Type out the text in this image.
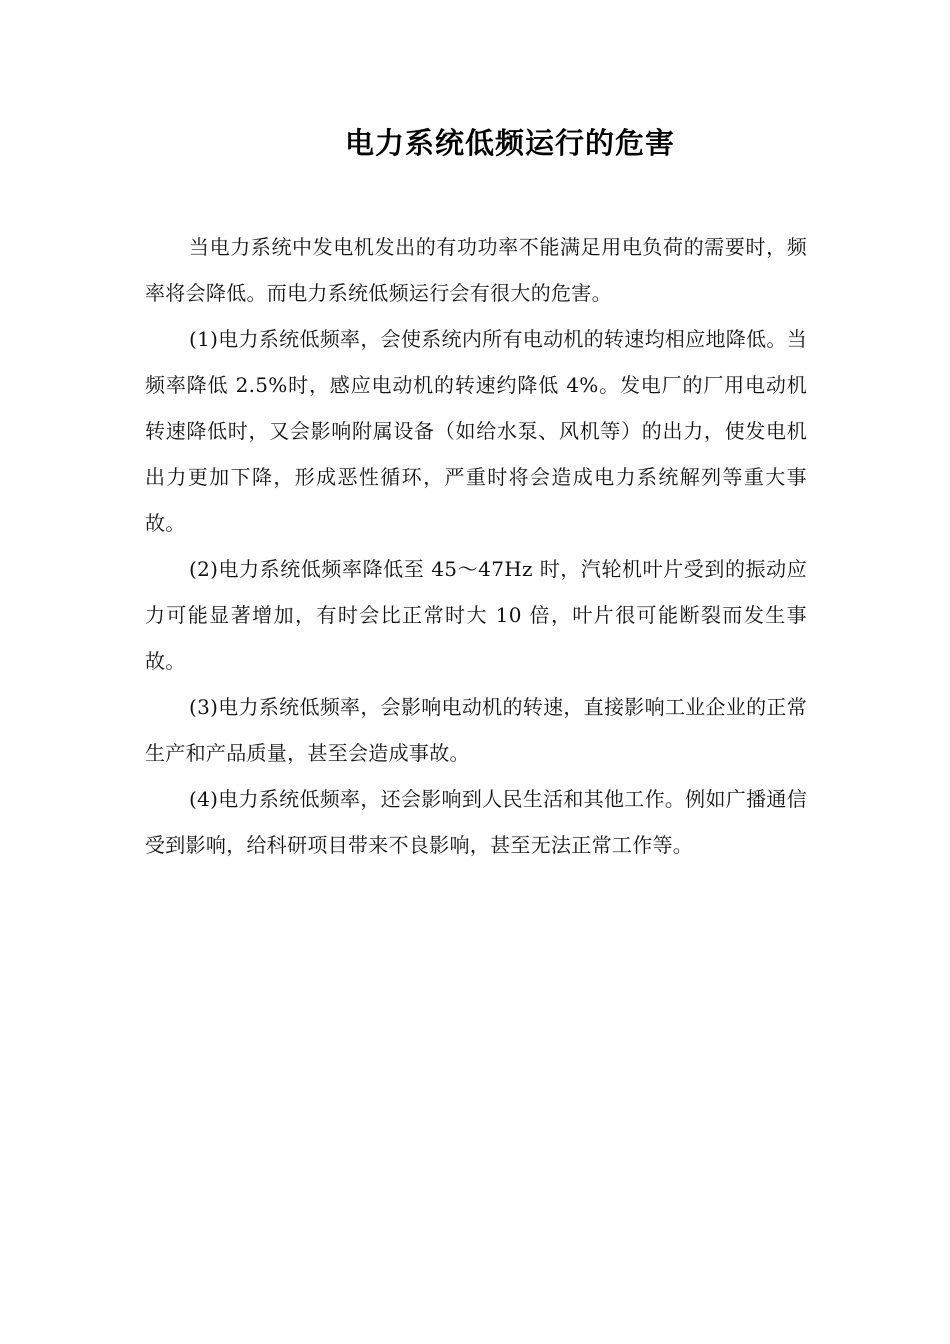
电力系统低频运行的危害

当电力系统中发电机发出的有功功率不能满足用电负荷的需要时，频率将会降低。而电力系统低频运行会有很大的危害。

(1)电力系统低频率，会使系统内所有电动机的转速均相应地降低。当频率降低 2.5%时，感应电动机的转速约降低 4%。发电厂的厂用电动机转速降低时，又会影响附属设备（如给水泵、风机等）的出力，使发电机出力更加下降，形成恶性循环，严重时将会造成电力系统解列等重大事故。

(2)电力系统低频率降低至 45～47Hz 时，汽轮机叶片受到的振动应力可能显著增加，有时会比正常时大 10 倍，叶片很可能断裂而发生事故。

(3)电力系统低频率，会影响电动机的转速，直接影响工业企业的正常生产和产品质量，甚至会造成事故。

(4)电力系统低频率，还会影响到人民生活和其他工作。例如广播通信受到影响，给科研项目带来不良影响，甚至无法正常工作等。
